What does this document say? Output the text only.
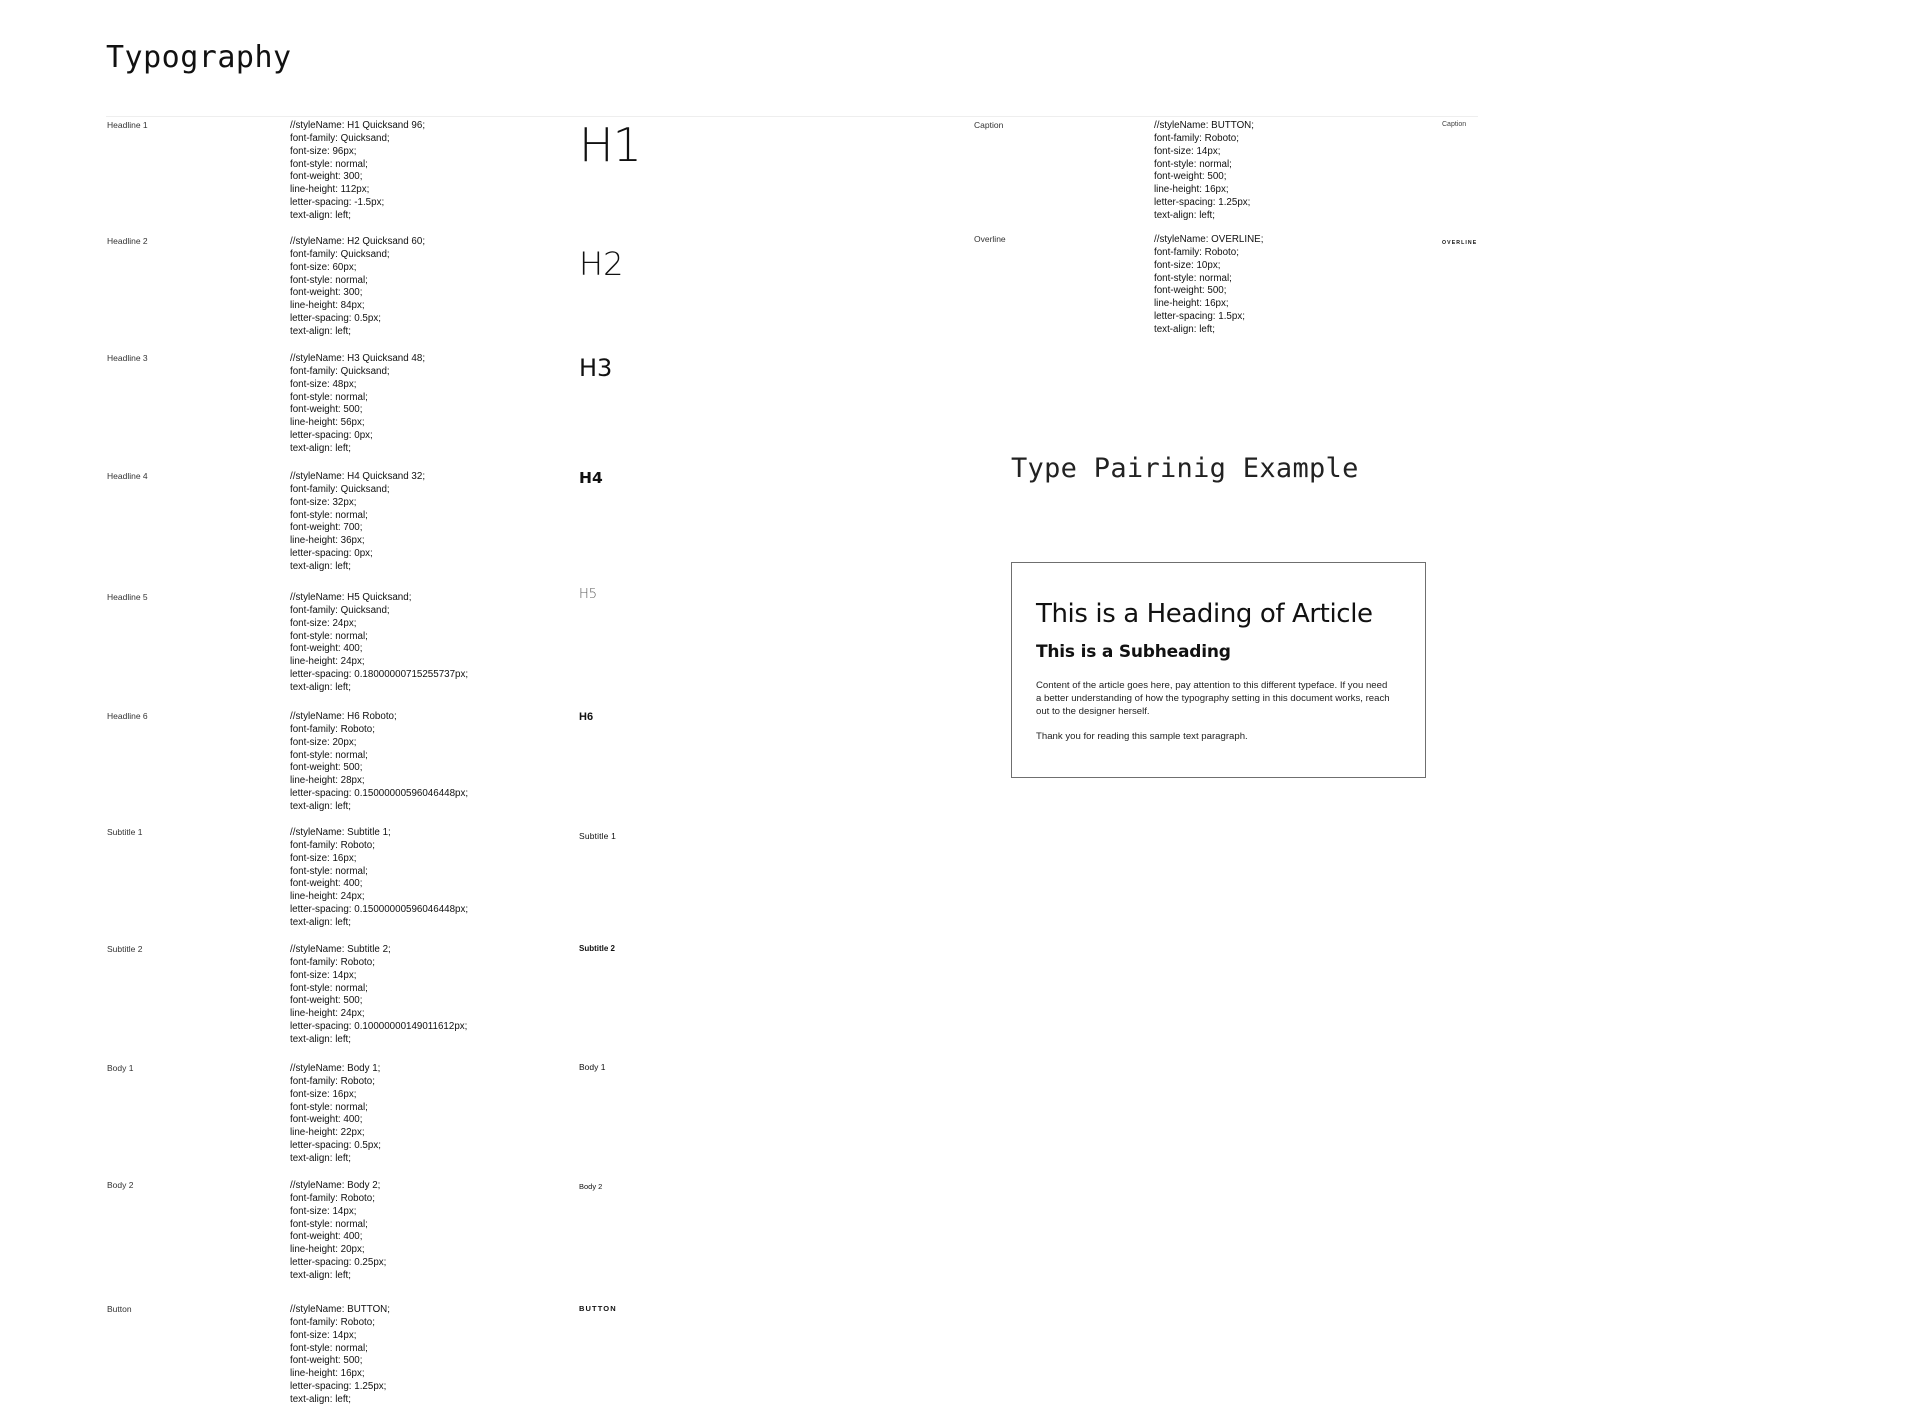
Typography
Headline 1	//styleName: H1 Quicksand 96;
font-family: Quicksand;
font-size: 96px;
font-style: normal;
font-weight: 300;
line-height: 112px;
letter-spacing: -1.5px;
text-align: left;
H1
Headline 2	//styleName: H2 Quicksand 60;
font-family: Quicksand;
font-size: 60px;
font-style: normal;
font-weight: 300;
line-height: 84px;
letter-spacing: 0.5px;
text-align: left;
H2
Headline 3	//styleName: H3 Quicksand 48;
font-family: Quicksand;
font-size: 48px;
font-style: normal;
font-weight: 500;
line-height: 56px;
letter-spacing: 0px;
text-align: left;
H3
Headline 4	//styleName: H4 Quicksand 32;
font-family: Quicksand;
font-size: 32px;
font-style: normal;
font-weight: 700;
line-height: 36px;
letter-spacing: 0px;
text-align: left;
H4
Headline 5	//styleName: H5 Quicksand;
font-family: Quicksand;
font-size: 24px;
font-style: normal;
font-weight: 400;
line-height: 24px;
letter-spacing: 0.18000000715255737px;
text-align: left;
H5
Headline 6	//styleName: H6 Roboto;
font-family: Roboto;
font-size: 20px;
font-style: normal;
font-weight: 500;
line-height: 28px;
letter-spacing: 0.15000000596046448px;
text-align: left;
H6
Subtitle 1	//styleName: Subtitle 1;
font-family: Roboto;
font-size: 16px;
font-style: normal;
font-weight: 400;
line-height: 24px;
letter-spacing: 0.15000000596046448px;
text-align: left;
Subtitle 1
Subtitle 2	//styleName: Subtitle 2;
font-family: Roboto;
font-size: 14px;
font-style: normal;
font-weight: 500;
line-height: 24px;
letter-spacing: 0.10000000149011612px;
text-align: left;
Subtitle 2
Body 1	//styleName: Body 1;
font-family: Roboto;
font-size: 16px;
font-style: normal;
font-weight: 400;
line-height: 22px;
letter-spacing: 0.5px;
text-align: left;
Body 1
Body 2	//styleName: Body 2;
font-family: Roboto;
font-size: 14px;
font-style: normal;
font-weight: 400;
line-height: 20px;
letter-spacing: 0.25px;
text-align: left;
Body 2
Button	//styleName: BUTTON;
font-family: Roboto;
font-size: 14px;
font-style: normal;
font-weight: 500;
line-height: 16px;
letter-spacing: 1.25px;
text-align: left;
BUTTON
Caption	//styleName: BUTTON;
font-family: Roboto;
font-size: 14px;
font-style: normal;
font-weight: 500;
line-height: 16px;
letter-spacing: 1.25px;
text-align: left;
Caption
Overline	//styleName: OVERLINE;
font-family: Roboto;
font-size: 10px;
font-style: normal;
font-weight: 500;
line-height: 16px;
letter-spacing: 1.5px;
text-align: left;
OVERLINE
Type Pairinig Example
This is a Heading of Article
This is a Subheading

Content of the article goes here, pay attention to this different typeface. If you need a better understanding of how the typography setting in this document works, reach out to the designer herself.

Thank you for reading this sample text paragraph.
